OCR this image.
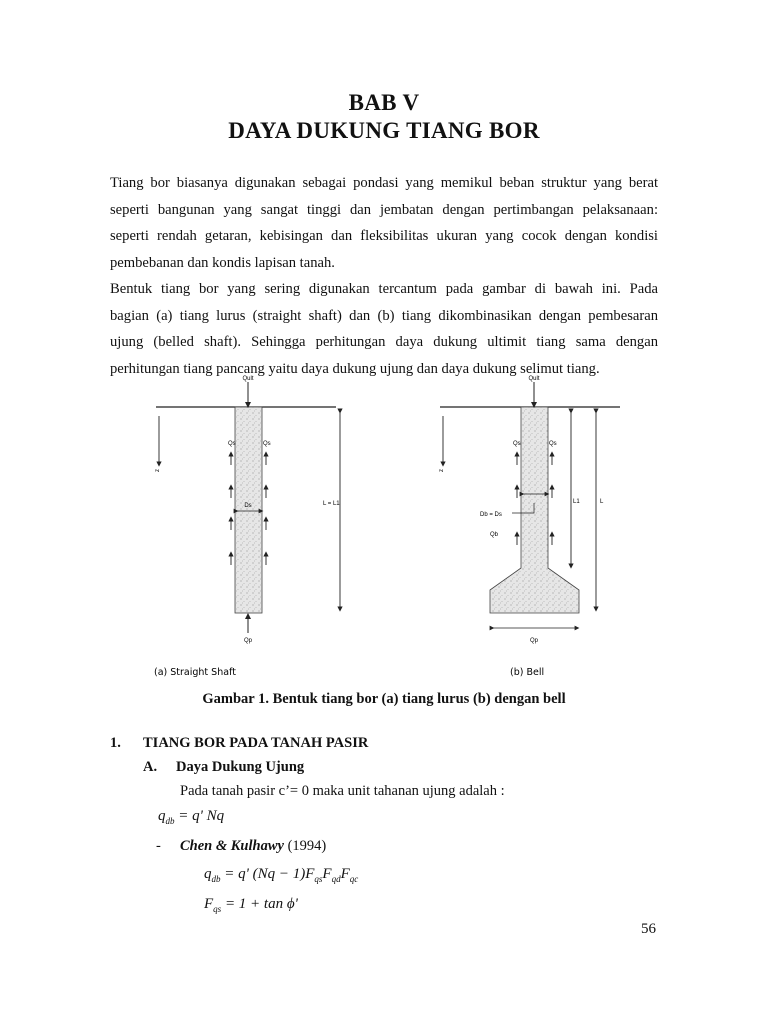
BAB V
DAYA DUKUNG TIANG BOR
Tiang bor biasanya digunakan sebagai pondasi yang memikul beban struktur yang berat
seperti bangunan yang sangat tinggi dan jembatan dengan pertimbangan pelaksanaan:
seperti rendah getaran, kebisingan dan fleksibilitas ukuran yang cocok dengan kondisi
pembebanan dan kondis lapisan tanah.
Bentuk tiang bor yang sering digunakan tercantum pada gambar di bawah ini. Pada
bagian (a) tiang lurus (straight shaft) dan (b) tiang dikombinasikan dengan pembesaran
ujung (belled shaft). Sehingga perhitungan daya dukung ultimit tiang sama dengan
perhitungan tiang pancang yaitu daya dukung ujung dan daya dukung selimut tiang.
Qult
z
Qs	Qs
Ds	L = L1
Qp
(a) Straight Shaft
Qult
z
Qs	Qs
Db = Ds
Qb
L1	L
Qp
(b) Bell
Gambar 1. Bentuk tiang bor (a) tiang lurus (b) dengan bell
1. TIANG BOR PADA TANAH PASIR
A. Daya Dukung Ujung
Pada tanah pasir c’= 0 maka unit tahanan ujung adalah :
$q_{db} = q'$ Nq
- Chen & Kulhawy (1994)
$q_{db} = q'$ $(Nq - 1)F_{qs}F_{qd}F_{qc}$
$F_{qs} = 1 + \tan \phi'$
56
